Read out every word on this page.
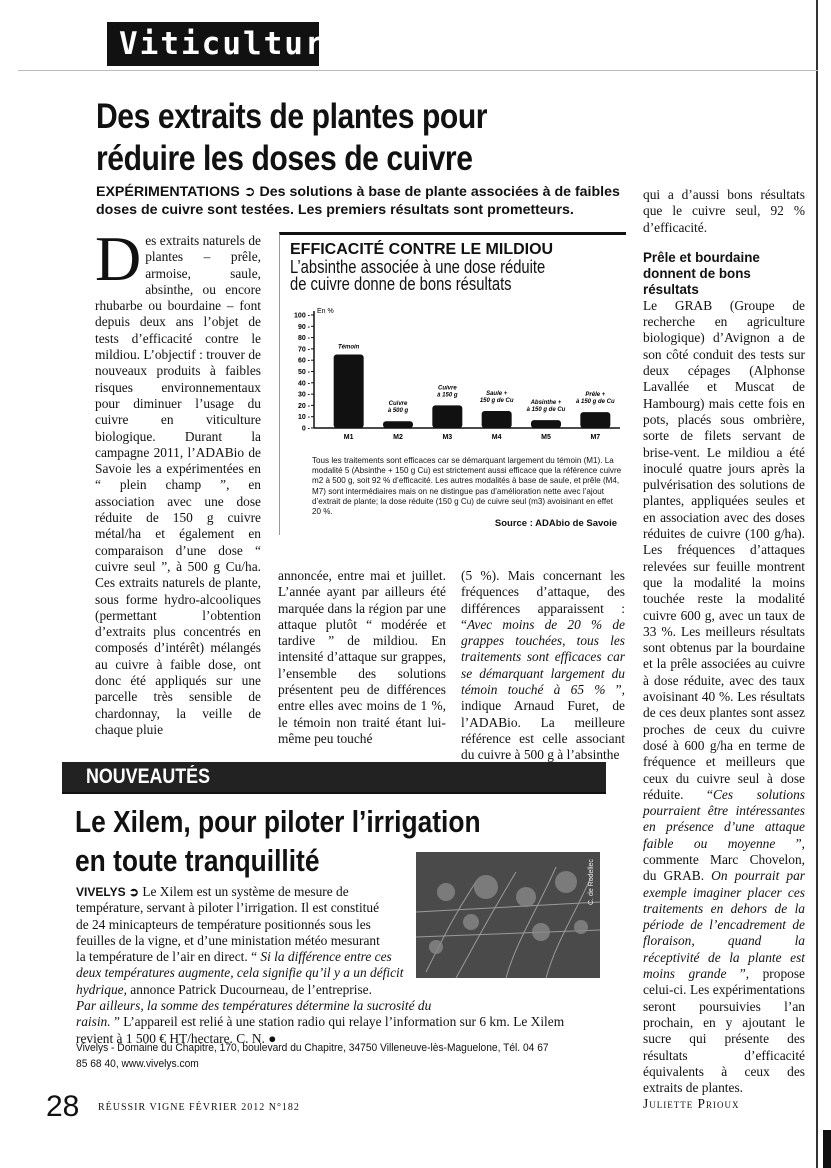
Viticulture
Des extraits de plantes pour réduire les doses de cuivre
EXPÉRIMENTATIONS ➲ Des solutions à base de plante associées à de faibles doses de cuivre sont testées. Les premiers résultats sont prometteurs.
Des extraits naturels de plantes – prêle, armoise, saule, absinthe, ou encore rhubarbe ou bourdaine – font depuis deux ans l’objet de tests d’efficacité contre le mildiou. L’objectif : trouver de nouveaux produits à faibles risques environnementaux pour diminuer l’usage du cuivre en viticulture biologique. Durant la campagne 2011, l’ADABio de Savoie les a expérimentées en “ plein champ ”, en association avec une dose réduite de 150 g cuivre métal/ha et également en comparaison d’une dose “ cuivre seul ”, à 500 g Cu/ha. Ces extraits naturels de plante, sous forme hydro-alcooliques (permettant l’obtention d’extraits plus concentrés en composés d’intérêt) mélangés au cuivre à faible dose, ont donc été appliqués sur une parcelle très sensible de chardonnay, la veille de chaque pluie
EFFICACITÉ CONTRE LE MILDIOU
L’absinthe associée à une dose réduite de cuivre donne de bons résultats
En %
0 -
10 -
20 -
30 -
40 -
50 -
60 -
70 -
80 -
90 -
100 -
M1
Témoin
M2
Cuivre
à 500 g
M3
Cuivre
à 150 g
M4
Saule +
150 g de Cu
M5
Absinthe +
à 150 g de Cu
M7
Prêle +
à 150 g de Cu
Tous les traitements sont efficaces car se démarquant largement du témoin (M1). La modalité 5 (Absinthe + 150 g Cu) est strictement aussi efficace que la référence cuivre m2 à 500 g, soit 92 % d’efficacité. Les autres modalités à base de saule, et prêle (M4, M7) sont intermédiaires mais on ne distingue pas d’amélioration nette avec l’ajout d’extrait de plante; la dose réduite (150 g Cu) de cuivre seul (m3) avoisinant en effet 20 %.
Source : ADAbio de Savoie
annoncée, entre mai et juillet. L’année ayant par ailleurs été marquée dans la région par une attaque plutôt “ modérée et tardive ” de mildiou. En intensité d’attaque sur grappes, l’ensemble des solutions présentent peu de différences entre elles avec moins de 1 %, le témoin non traité étant lui-même peu touché
(5 %). Mais concernant les fréquences d’attaque, des différences apparaissent : “Avec moins de 20 % de grappes touchées, tous les traitements sont efficaces car se démarquant largement du témoin touché à 65 % ”, indique Arnaud Furet, de l’ADABio. La meilleure référence est celle associant du cuivre à 500 g à l’absinthe
qui a d’aussi bons résultats que le cuivre seul, 92 % d’efficacité.
Prêle et bourdaine donnent de bons résultats
Le GRAB (Groupe de recherche en agriculture biologique) d’Avignon a de son côté conduit des tests sur deux cépages (Alphonse Lavallée et Muscat de Hambourg) mais cette fois en pots, placés sous ombrière, sorte de filets servant de brise-vent. Le mildiou a été inoculé quatre jours après la pulvérisation des solutions de plantes, appliquées seules et en association avec des doses réduites de cuivre (100 g/ha). Les fréquences d’attaques relevées sur feuille montrent que la modalité la moins touchée reste la modalité cuivre 600 g, avec un taux de 33 %. Les meilleurs résultats sont obtenus par la bourdaine et la prêle associées au cuivre à dose réduite, avec des taux avoisinant 40 %. Les résultats de ces deux plantes sont assez proches de ceux du cuivre dosé à 600 g/ha en terme de fréquence et meilleurs que ceux du cuivre seul à dose réduite. “Ces solutions pourraient être intéressantes en présence d’une attaque faible ou moyenne ”, commente Marc Chovelon, du GRAB. On pourrait par exemple imaginer placer ces traitements en dehors de la période de l’encadrement de floraison, quand la réceptivité de la plante est moins grande ”, propose celui-ci. Les expérimentations seront poursuivies l’an prochain, en y ajoutant le sucre qui présente des résultats d’efficacité équivalents à ceux des extraits de plantes.
Juliette Prioux
NOUVEAUTÉS
Le Xilem, pour piloter l’irrigation en toute tranquillité	C. de Rodellec
VIVELYS ➲ Le Xilem est un système de mesure de
température, servant à piloter l’irrigation. Il est constitué
de 24 minicapteurs de température positionnés sous les
feuilles de la vigne, et d’une ministation météo mesurant
la température de l’air en direct. “ Si la différence entre ces
deux températures augmente, cela signifie qu’il y a un déficit
hydrique, annonce Patrick Ducourneau, de l’entreprise.
Par ailleurs, la somme des températures détermine la sucrosité du
raisin. ” L’appareil est relié à une station radio qui relaye l’information sur 6 km. Le Xilem
revient à 1 500 € HT/hectare. C. N. ●
Vivelys - Domaine du Chapitre, 170, boulevard du Chapitre, 34750 Villeneuve-lès-Maguelone, Tél. 04 67 85 68 40, www.vivelys.com
28 RÉUSSIR VIGNE FÉVRIER 2012 N°182
